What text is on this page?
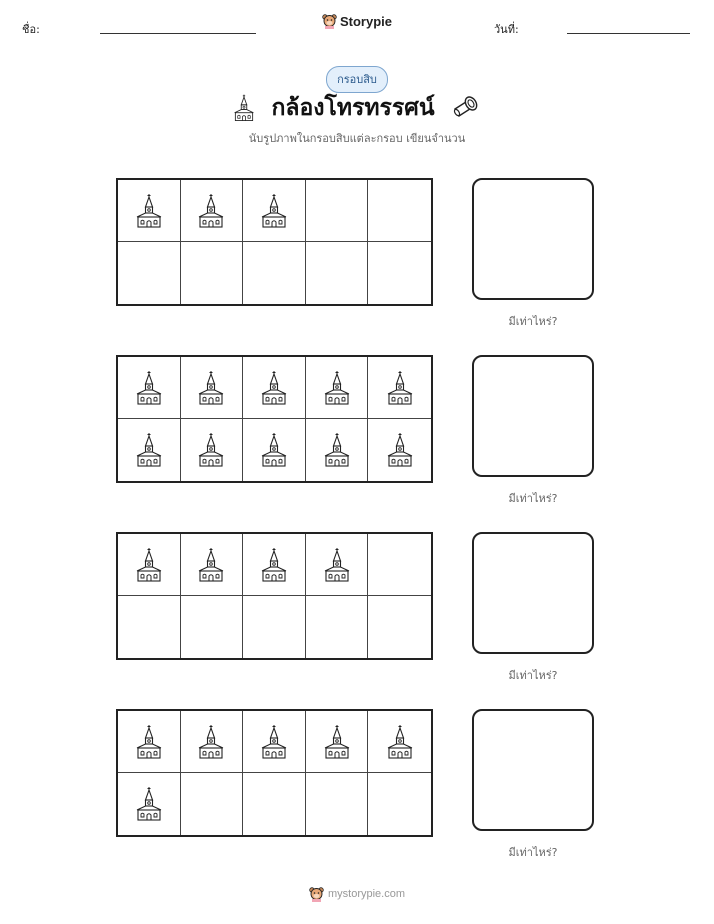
ชื่อ:
Storypie
วันที่:
กรอบสิบ
กล้องโทรทรรศน์
นับรูปภาพในกรอบสิบแต่ละกรอบ เขียนจำนวน
มีเท่าไหร่?
มีเท่าไหร่?
มีเท่าไหร่?
มีเท่าไหร่?
mystorypie.com
